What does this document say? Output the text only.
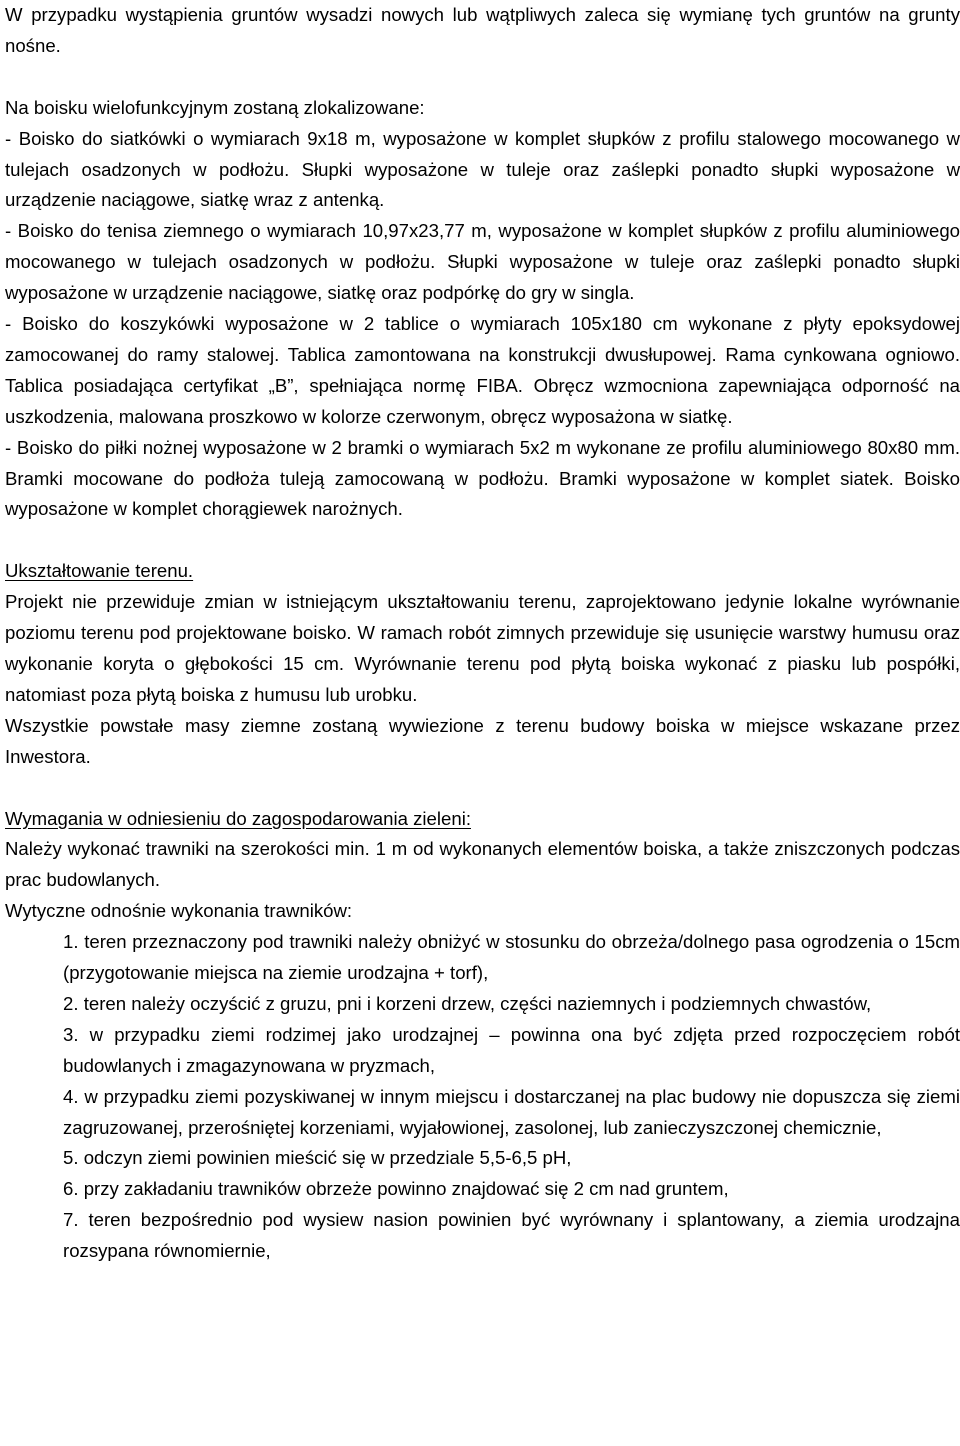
W przypadku wystąpienia gruntów wysadzi nowych lub wątpliwych zaleca się wymianę tych gruntów na grunty nośne.

Na boisku wielofunkcyjnym zostaną zlokalizowane:

- Boisko do siatkówki o wymiarach 9x18 m, wyposażone w komplet słupków z profilu stalowego mocowanego w tulejach osadzonych w podłożu. Słupki wyposażone w tuleje oraz zaślepki ponadto słupki wyposażone w urządzenie naciągowe, siatkę wraz z antenką.

- Boisko do tenisa ziemnego o wymiarach 10,97x23,77 m, wyposażone w komplet słupków z profilu aluminiowego mocowanego w tulejach osadzonych w podłożu. Słupki wyposażone w tuleje oraz zaślepki ponadto słupki wyposażone w urządzenie naciągowe, siatkę oraz podpórkę do gry w singla.

- Boisko do koszykówki wyposażone w 2 tablice o wymiarach 105x180 cm wykonane z płyty epoksydowej zamocowanej do ramy stalowej. Tablica zamontowana na konstrukcji dwusłupowej. Rama cynkowana ogniowo. Tablica posiadająca certyfikat „B”, spełniająca normę FIBA. Obręcz wzmocniona zapewniająca odporność na uszkodzenia, malowana proszkowo w kolorze czerwonym, obręcz wyposażona w siatkę.

- Boisko do piłki nożnej wyposażone w 2 bramki o wymiarach 5x2 m wykonane ze profilu aluminiowego 80x80 mm. Bramki mocowane do podłoża tuleją zamocowaną w podłożu. Bramki wyposażone w komplet siatek. Boisko wyposażone w komplet chorągiewek narożnych.

Ukształtowanie terenu.

Projekt nie przewiduje zmian w istniejącym ukształtowaniu terenu, zaprojektowano jedynie lokalne wyrównanie poziomu terenu pod projektowane boisko. W ramach robót zimnych przewiduje się usunięcie warstwy humusu oraz wykonanie koryta o głębokości 15 cm. Wyrównanie terenu pod płytą boiska wykonać z piasku lub pospółki, natomiast poza płytą boiska z humusu lub urobku.

Wszystkie powstałe masy ziemne zostaną wywiezione z terenu budowy boiska w miejsce wskazane przez Inwestora.

Wymagania w odniesieniu do zagospodarowania zieleni:

Należy wykonać trawniki na szerokości min. 1 m od wykonanych elementów boiska, a także zniszczonych podczas prac budowlanych.

Wytyczne odnośnie wykonania trawników:

1. teren przeznaczony pod trawniki należy obniżyć w stosunku do obrzeża/dolnego pasa ogrodzenia o 15cm (przygotowanie miejsca na ziemie urodzajna + torf),
2. teren należy oczyścić z gruzu, pni i korzeni drzew, części naziemnych i podziemnych chwastów,
3. w przypadku ziemi rodzimej jako urodzajnej – powinna ona być zdjęta przed rozpoczęciem robót budowlanych i zmagazynowana w pryzmach,
4. w przypadku ziemi pozyskiwanej w innym miejscu i dostarczanej na plac budowy nie dopuszcza się ziemi zagruzowanej, przerośniętej korzeniami, wyjałowionej, zasolonej, lub zanieczyszczonej chemicznie,
5. odczyn ziemi powinien mieścić się w przedziale 5,5-6,5 pH,
6. przy zakładaniu trawników obrzeże powinno znajdować się 2 cm nad gruntem,
7. teren bezpośrednio pod wysiew nasion powinien być wyrównany i splantowany, a ziemia urodzajna rozsypana równomiernie,
